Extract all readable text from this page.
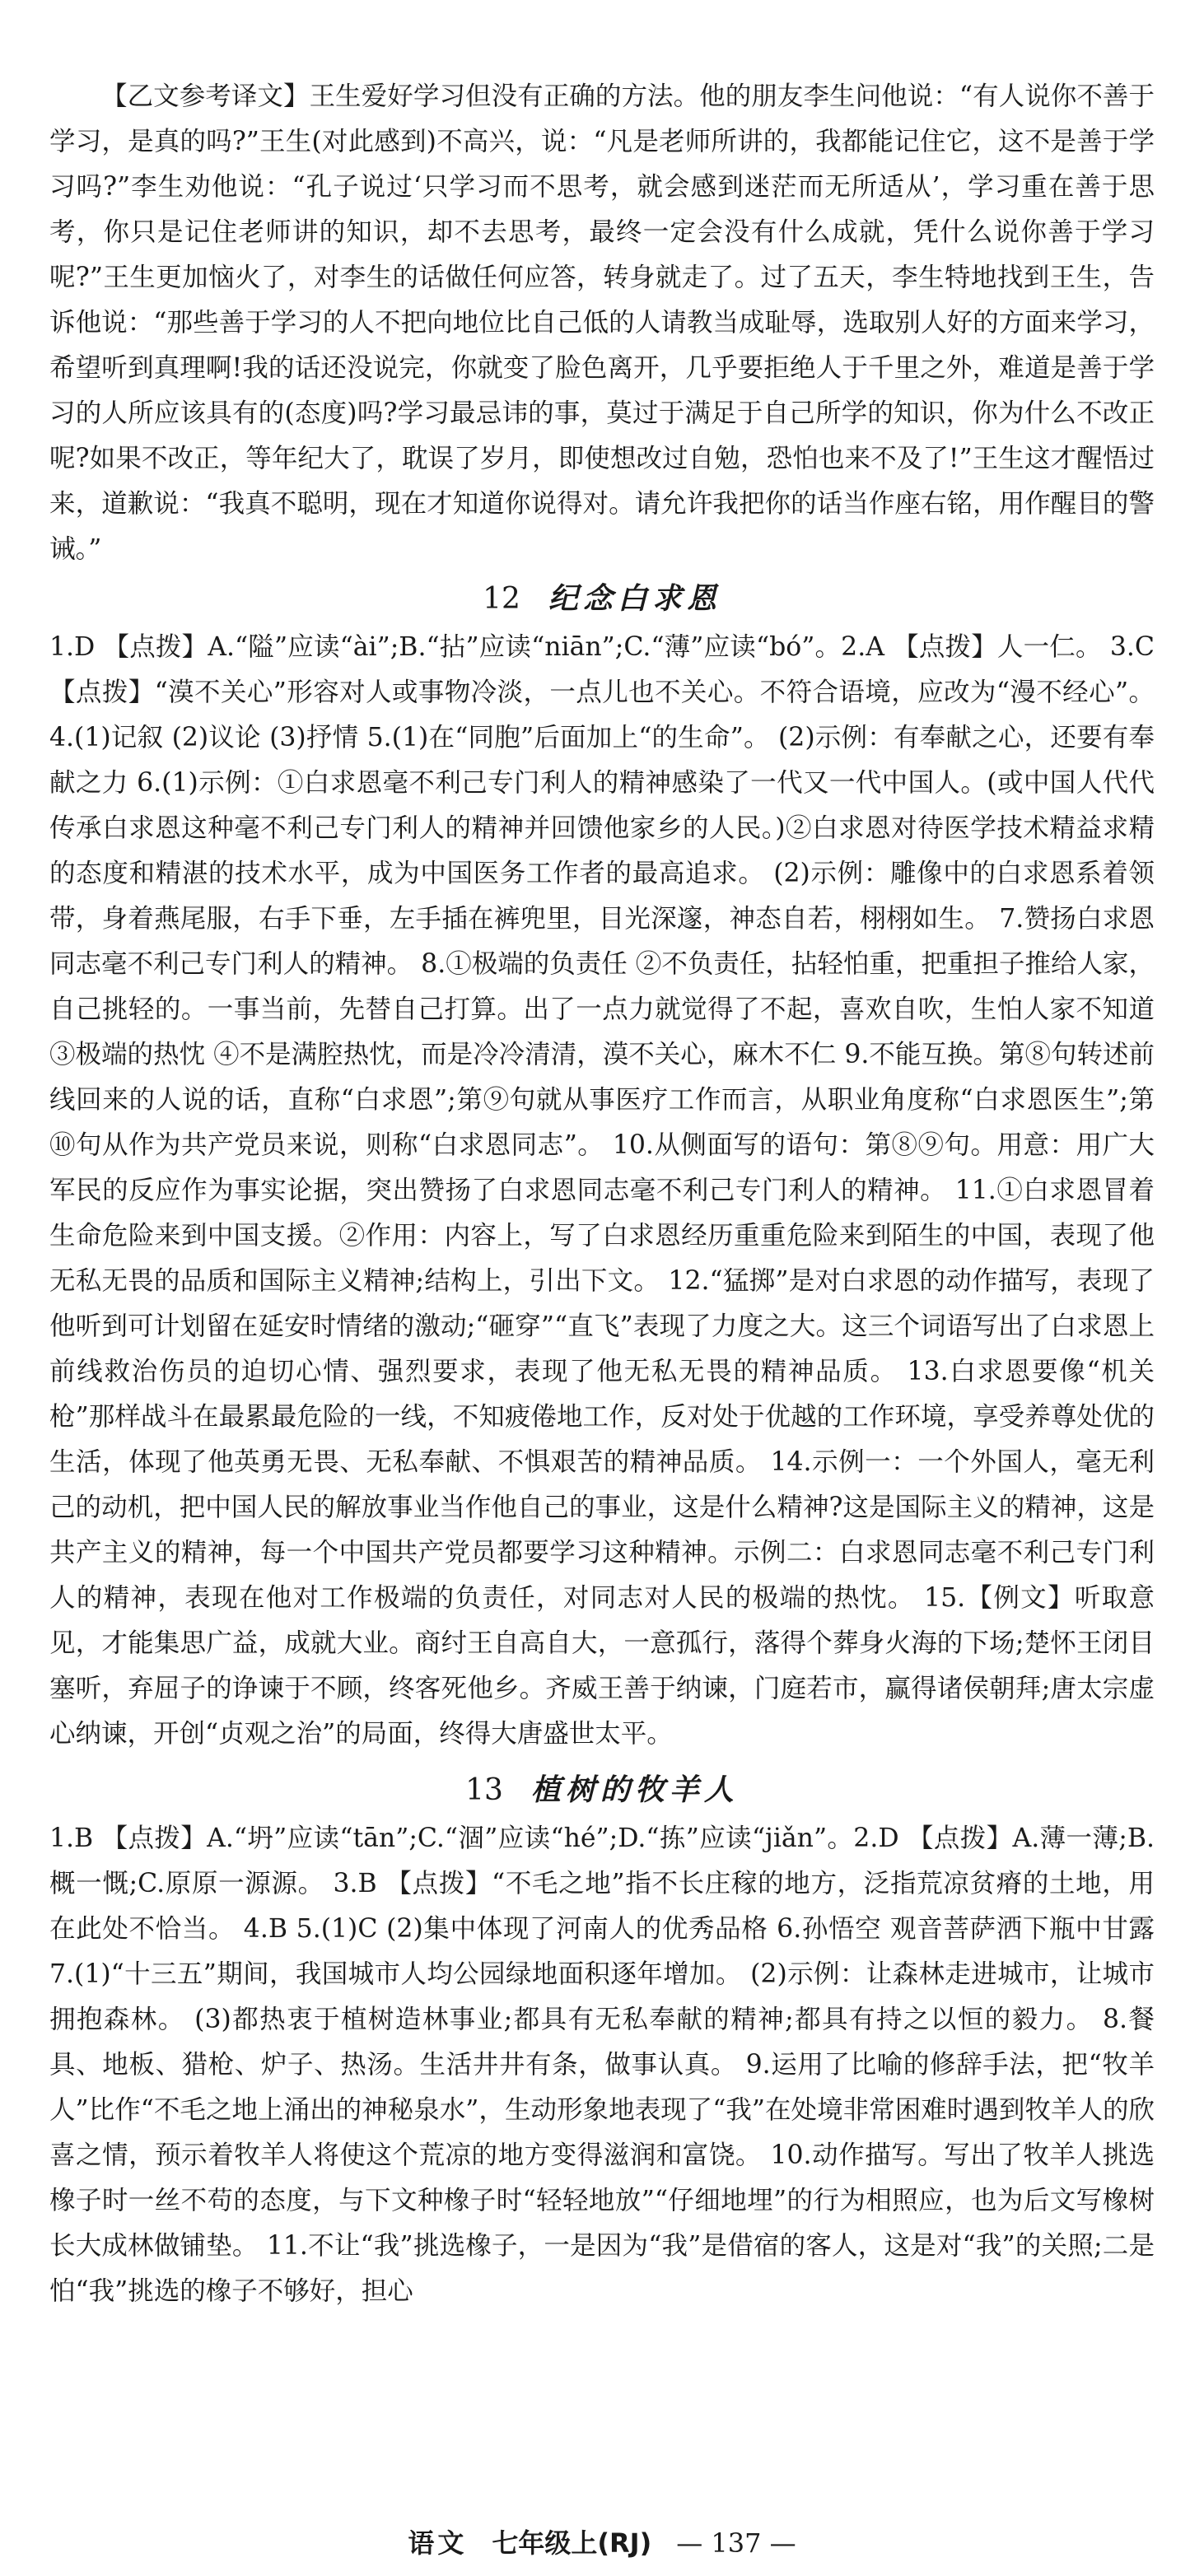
【乙文参考译文】王生爱好学习但没有正确的方法。他的朋友李生问他说：“有人说你不善于学习，是真的吗?”王生(对此感到)不高兴，说：“凡是老师所讲的，我都能记住它，这不是善于学习吗?”李生劝他说：“孔子说过‘只学习而不思考，就会感到迷茫而无所适从’，学习重在善于思考，你只是记住老师讲的知识，却不去思考，最终一定会没有什么成就，凭什么说你善于学习呢?”王生更加恼火了，对李生的话做任何应答，转身就走了。过了五天，李生特地找到王生，告诉他说：“那些善于学习的人不把向地位比自己低的人请教当成耻辱，选取别人好的方面来学习，希望听到真理啊!我的话还没说完，你就变了脸色离开，几乎要拒绝人于千里之外，难道是善于学习的人所应该具有的(态度)吗?学习最忌讳的事，莫过于满足于自己所学的知识，你为什么不改正呢?如果不改正，等年纪大了，耽误了岁月，即使想改过自勉，恐怕也来不及了!”王生这才醒悟过来，道歉说：“我真不聪明，现在才知道你说得对。请允许我把你的话当作座右铭，用作醒目的警诫。”

12 纪念白求恩

1.D 【点拨】A.“隘”应读“ài”;B.“拈”应读“niān”;C.“薄”应读“bó”。2.A 【点拨】人一仁。 3.C 【点拨】“漠不关心”形容对人或事物冷淡，一点儿也不关心。不符合语境，应改为“漫不经心”。 4.(1)记叙 (2)议论 (3)抒情 5.(1)在“同胞”后面加上“的生命”。 (2)示例：有奉献之心，还要有奉献之力 6.(1)示例：①白求恩毫不利己专门利人的精神感染了一代又一代中国人。(或中国人代代传承白求恩这种毫不利己专门利人的精神并回馈他家乡的人民。)②白求恩对待医学技术精益求精的态度和精湛的技术水平，成为中国医务工作者的最高追求。 (2)示例：雕像中的白求恩系着领带，身着燕尾服，右手下垂，左手插在裤兜里，目光深邃，神态自若，栩栩如生。 7.赞扬白求恩同志毫不利己专门利人的精神。 8.①极端的负责任 ②不负责任，拈轻怕重，把重担子推给人家，自己挑轻的。一事当前，先替自己打算。出了一点力就觉得了不起，喜欢自吹，生怕人家不知道 ③极端的热忱 ④不是满腔热忱，而是冷冷清清，漠不关心，麻木不仁 9.不能互换。第⑧句转述前线回来的人说的话，直称“白求恩”;第⑨句就从事医疗工作而言，从职业角度称“白求恩医生”;第⑩句从作为共产党员来说，则称“白求恩同志”。 10.从侧面写的语句：第⑧⑨句。用意：用广大军民的反应作为事实论据，突出赞扬了白求恩同志毫不利己专门利人的精神。 11.①白求恩冒着生命危险来到中国支援。②作用：内容上，写了白求恩经历重重危险来到陌生的中国，表现了他无私无畏的品质和国际主义精神;结构上，引出下文。 12.“猛掷”是对白求恩的动作描写，表现了他听到可计划留在延安时情绪的激动;“砸穿”“直飞”表现了力度之大。这三个词语写出了白求恩上前线救治伤员的迫切心情、强烈要求，表现了他无私无畏的精神品质。 13.白求恩要像“机关枪”那样战斗在最累最危险的一线，不知疲倦地工作，反对处于优越的工作环境，享受养尊处优的生活，体现了他英勇无畏、无私奉献、不惧艰苦的精神品质。 14.示例一：一个外国人，毫无利己的动机，把中国人民的解放事业当作他自己的事业，这是什么精神?这是国际主义的精神，这是共产主义的精神，每一个中国共产党员都要学习这种精神。示例二：白求恩同志毫不利己专门利人的精神，表现在他对工作极端的负责任，对同志对人民的极端的热忱。 15.【例文】听取意见，才能集思广益，成就大业。商纣王自高自大，一意孤行，落得个葬身火海的下场;楚怀王闭目塞听，弃屈子的诤谏于不顾，终客死他乡。齐威王善于纳谏，门庭若市，赢得诸侯朝拜;唐太宗虚心纳谏，开创“贞观之治”的局面，终得大唐盛世太平。

13 植树的牧羊人

1.B 【点拨】A.“坍”应读“tān”;C.“涸”应读“hé”;D.“拣”应读“jiǎn”。2.D 【点拨】A.薄一薄;B.概一慨;C.原原一源源。 3.B 【点拨】“不毛之地”指不长庄稼的地方，泛指荒凉贫瘠的土地，用在此处不恰当。 4.B 5.(1)C (2)集中体现了河南人的优秀品格 6.孙悟空 观音菩萨洒下瓶中甘露 7.(1)“十三五”期间，我国城市人均公园绿地面积逐年增加。 (2)示例：让森林走进城市，让城市拥抱森林。 (3)都热衷于植树造林事业;都具有无私奉献的精神;都具有持之以恒的毅力。 8.餐具、地板、猎枪、炉子、热汤。生活井井有条，做事认真。 9.运用了比喻的修辞手法，把“牧羊人”比作“不毛之地上涌出的神秘泉水”，生动形象地表现了“我”在处境非常困难时遇到牧羊人的欣喜之情，预示着牧羊人将使这个荒凉的地方变得滋润和富饶。 10.动作描写。写出了牧羊人挑选橡子时一丝不苟的态度，与下文种橡子时“轻轻地放”“仔细地埋”的行为相照应，也为后文写橡树长大成林做铺垫。 11.不让“我”挑选橡子，一是因为“我”是借宿的客人，这是对“我”的关照;二是怕“我”挑选的橡子不够好，担心

语文 七年级上(RJ) — 137 —
